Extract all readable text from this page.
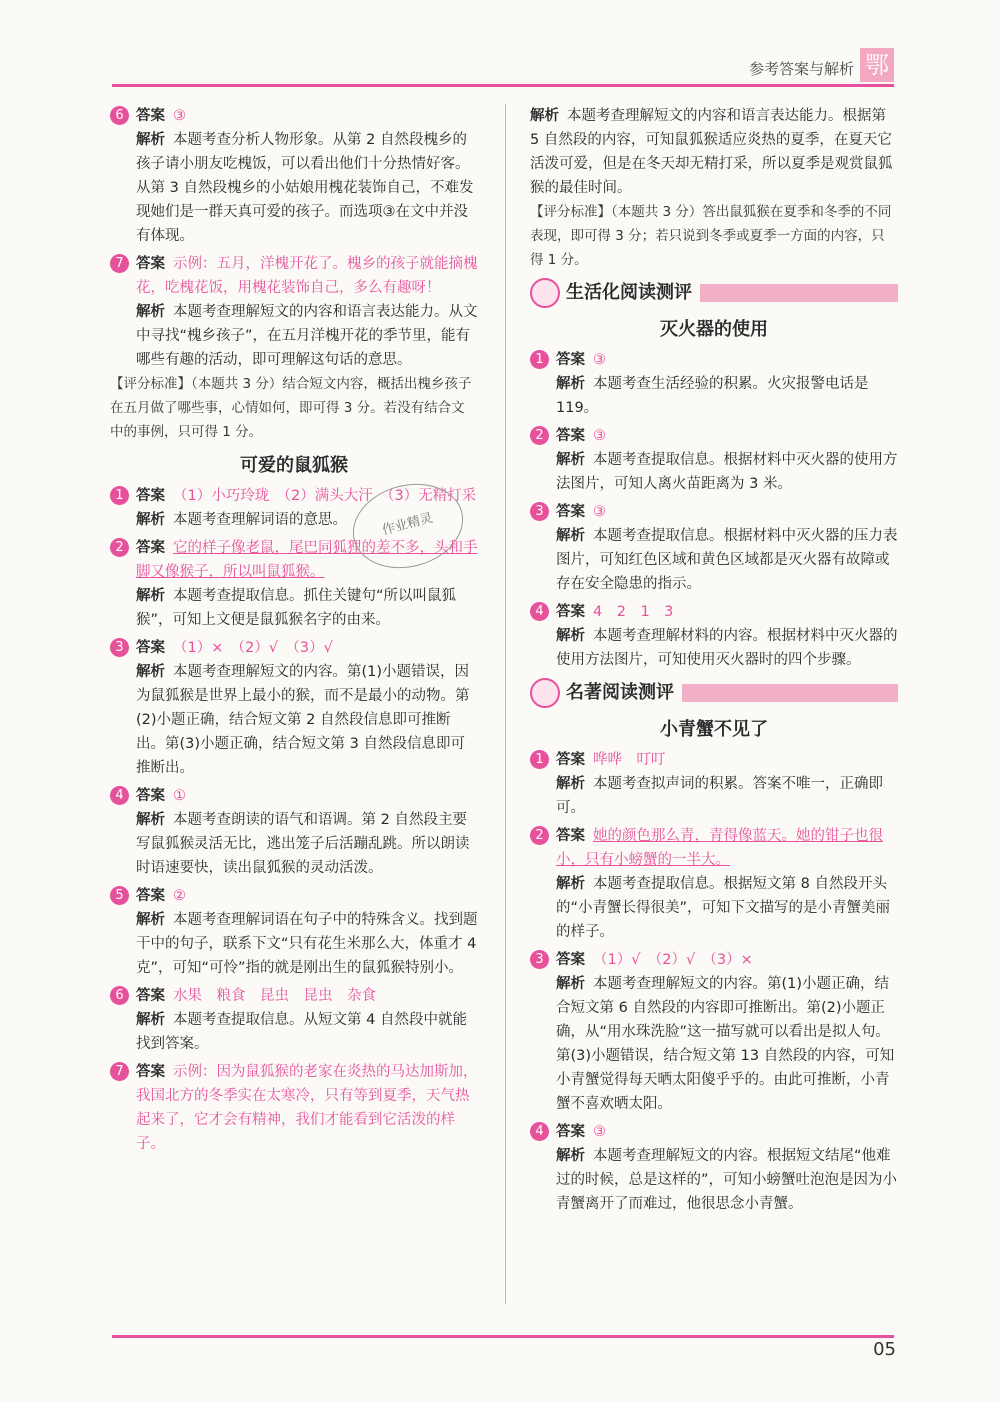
参考答案与解析 鄂
6 答案 ③
解析 本题考查分析人物形象。从第 2 自然段槐乡的孩子请小朋友吃槐饭，可以看出他们十分热情好客。从第 3 自然段槐乡的小姑娘用槐花装饰自己，不难发现她们是一群天真可爱的孩子。而选项③在文中并没有体现。
7 答案 示例：五月，洋槐开花了。槐乡的孩子就能摘槐花，吃槐花饭，用槐花装饰自己，多么有趣呀！
解析 本题考查理解短文的内容和语言表达能力。从文中寻找“槐乡孩子”，在五月洋槐开花的季节里，能有哪些有趣的活动，即可理解这句话的意思。
【评分标准】（本题共 3 分）结合短文内容，概括出槐乡孩子在五月做了哪些事，心情如何，即可得 3 分。若没有结合文中的事例，只可得 1 分。
可爱的鼠狐猴
1 答案 （1）小巧玲珑　（2）满头大汗　（3）无精打采
解析 本题考查理解词语的意思。
2 答案 它的样子像老鼠，尾巴同狐狸的差不多，头和手脚又像猴子，所以叫鼠狐猴。
解析 本题考查提取信息。抓住关键句“所以叫鼠狐猴”，可知上文便是鼠狐猴名字的由来。
3 答案 （1）×　（2）√　（3）√
解析 本题考查理解短文的内容。第(1)小题错误，因为鼠狐猴是世界上最小的猴，而不是最小的动物。第(2)小题正确，结合短文第 2 自然段信息即可推断出。第(3)小题正确，结合短文第 3 自然段信息即可推断出。
4 答案 ①
解析 本题考查朗读的语气和语调。第 2 自然段主要写鼠狐猴灵活无比，逃出笼子后活蹦乱跳。所以朗读时语速要快，读出鼠狐猴的灵动活泼。
5 答案 ②
解析 本题考查理解词语在句子中的特殊含义。找到题干中的句子，联系下文“只有花生米那么大，体重才 4 克”，可知“可怜”指的就是刚出生的鼠狐猴特别小。
6 答案 水果　粮食　昆虫　昆虫　杂食
解析 本题考查提取信息。从短文第 4 自然段中就能找到答案。
7 答案 示例：因为鼠狐猴的老家在炎热的马达加斯加，我国北方的冬季实在太寒冷，只有等到夏季，天气热起来了，它才会有精神，我们才能看到它活泼的样子。
解析 本题考查理解短文的内容和语言表达能力。根据第 5 自然段的内容，可知鼠狐猴适应炎热的夏季，在夏天它活泼可爱，但是在冬天却无精打采，所以夏季是观赏鼠狐猴的最佳时间。
【评分标准】（本题共 3 分）答出鼠狐猴在夏季和冬季的不同表现，即可得 3 分；若只说到冬季或夏季一方面的内容，只得 1 分。
生活化阅读测评
灭火器的使用
1 答案 ③
解析 本题考查生活经验的积累。火灾报警电话是 119。
2 答案 ③
解析 本题考查提取信息。根据材料中灭火器的使用方法图片，可知人离火苗距离为 3 米。
3 答案 ③
解析 本题考查提取信息。根据材料中灭火器的压力表图片，可知红色区域和黄色区域都是灭火器有故障或存在安全隐患的指示。
4 答案 4　2　1　3
解析 本题考查理解材料的内容。根据材料中灭火器的使用方法图片，可知使用灭火器时的四个步骤。
名著阅读测评
小青蟹不见了
1 答案 哗哗　叮叮
解析 本题考查拟声词的积累。答案不唯一，正确即可。
2 答案 她的颜色那么青，青得像蓝天。她的钳子也很小，只有小螃蟹的一半大。
解析 本题考查提取信息。根据短文第 8 自然段开头的“小青蟹长得很美”，可知下文描写的是小青蟹美丽的样子。
3 答案 （1）√　（2）√　（3）×
解析 本题考查理解短文的内容。第(1)小题正确，结合短文第 6 自然段的内容即可推断出。第(2)小题正确，从“用水珠洗脸”这一描写就可以看出是拟人句。第(3)小题错误，结合短文第 13 自然段的内容，可知小青蟹觉得每天晒太阳傻乎乎的。由此可推断，小青蟹不喜欢晒太阳。
4 答案 ③
解析 本题考查理解短文的内容。根据短文结尾“他难过的时候，总是这样的”，可知小螃蟹吐泡泡是因为小青蟹离开了而难过，他很思念小青蟹。
作业精灵
05
